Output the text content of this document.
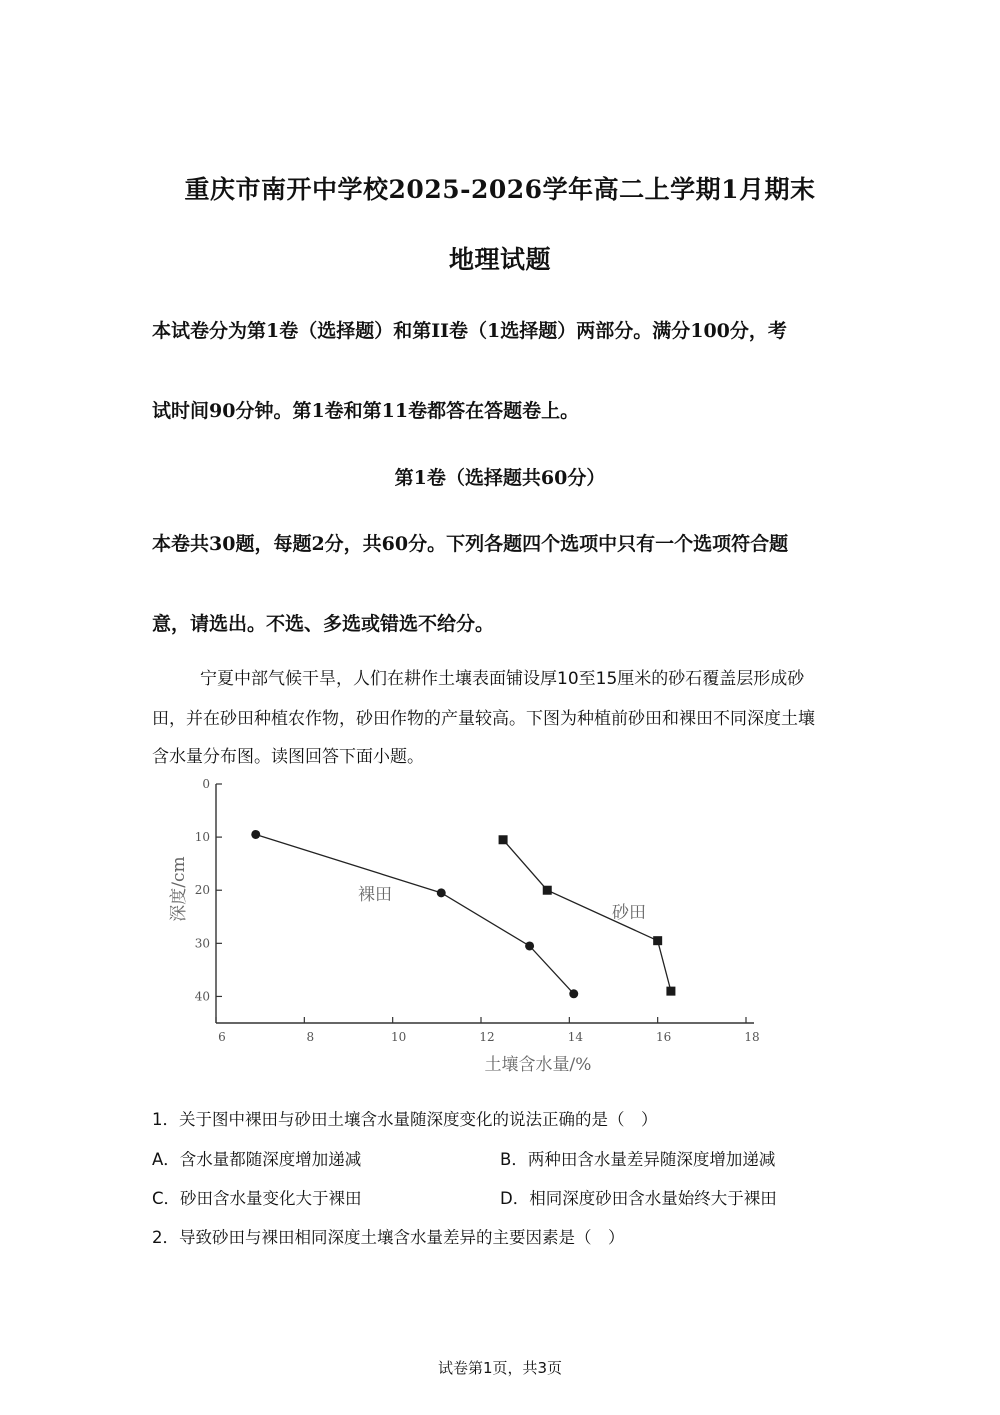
重庆市南开中学校2025-2026学年高二上学期1月期末
地理试题
本试卷分为第1卷（选择题）和第II卷（1选择题）两部分。满分100分，考
试时间90分钟。第1卷和第11卷都答在答题卷上。
第1卷（选择题共60分）
本卷共30题，每题2分，共60分。下列各题四个选项中只有一个选项符合题
意，请选出。不选、多选或错选不给分。
宁夏中部气候干旱，人们在耕作土壤表面铺设厚10至15厘米的砂石覆盖层形成砂
田，并在砂田种植农作物，砂田作物的产量较高。下图为种植前砂田和裸田不同深度土壤
含水量分布图。读图回答下面小题。
0
10
20
30
40
6	8	10	12	14	16	18
裸田
砂田
土壤含水量/%
深度/cm
1．关于图中裸田与砂田土壤含水量随深度变化的说法正确的是（　）
A．含水量都随深度增加递减	B．两种田含水量差异随深度增加递减
C．砂田含水量变化大于裸田	D．相同深度砂田含水量始终大于裸田
2．导致砂田与裸田相同深度土壤含水量差异的主要因素是（　）
试卷第1页，共3页
